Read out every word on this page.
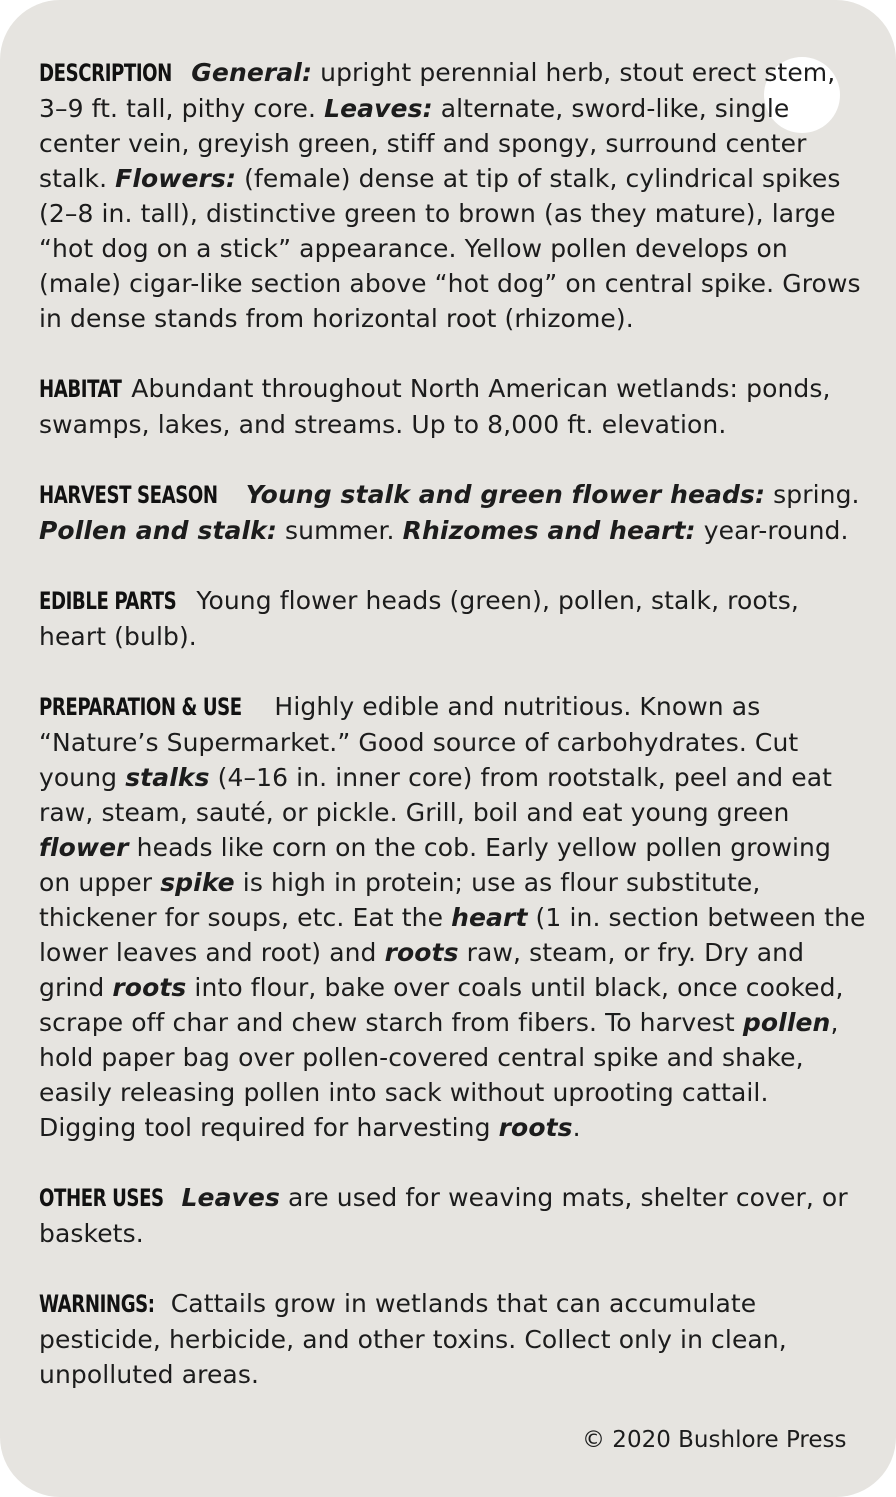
DESCRIPTION General: upright perennial herb, stout erect stem, 3–9 ft. tall, pithy core. Leaves: alternate, sword-like, single center vein, greyish green, stiff and spongy, surround center stalk. Flowers: (female) dense at tip of stalk, cylindrical spikes (2–8 in. tall), distinctive green to brown (as they mature), large “hot dog on a stick” appearance. Yellow pollen develops on (male) cigar-like section above “hot dog” on central spike. Grows in dense stands from horizontal root (rhizome).

HABITAT Abundant throughout North American wetlands: ponds, swamps, lakes, and streams. Up to 8,000 ft. elevation.

HARVEST SEASON Young stalk and green flower heads: spring. Pollen and stalk: summer. Rhizomes and heart: year-round.

EDIBLE PARTS Young flower heads (green), pollen, stalk, roots, heart (bulb).

PREPARATION & USE Highly edible and nutritious. Known as “Nature’s Supermarket.” Good source of carbohydrates. Cut young stalks (4–16 in. inner core) from rootstalk, peel and eat raw, steam, sauté, or pickle. Grill, boil and eat young green flower heads like corn on the cob. Early yellow pollen growing on upper spike is high in protein; use as flour substitute, thickener for soups, etc. Eat the heart (1 in. section between the lower leaves and root) and roots raw, steam, or fry. Dry and grind roots into flour, bake over coals until black, once cooked, scrape off char and chew starch from fibers. To harvest pollen, hold paper bag over pollen-covered central spike and shake, easily releasing pollen into sack without uprooting cattail. Digging tool required for harvesting roots.

OTHER USES Leaves are used for weaving mats, shelter cover, or baskets.

WARNINGS: Cattails grow in wetlands that can accumulate pesticide, herbicide, and other toxins. Collect only in clean, unpolluted areas.

© 2020 Bushlore Press
